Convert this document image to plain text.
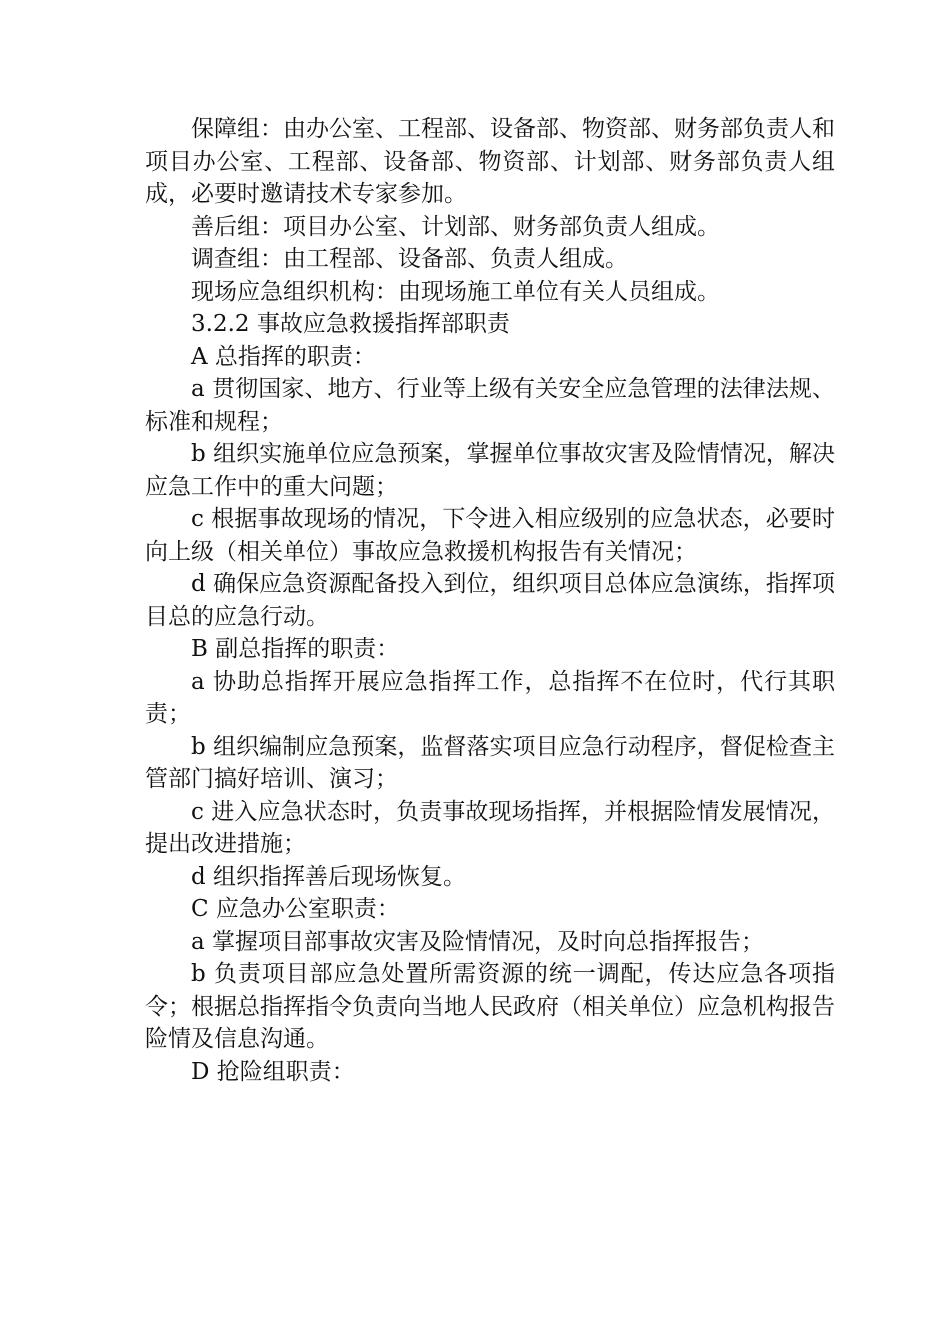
保障组：由办公室、工程部、设备部、物资部、财务部负责人和项目办公室、工程部、设备部、物资部、计划部、财务部负责人组成，必要时邀请技术专家参加。

善后组：项目办公室、计划部、财务部负责人组成。

调查组：由工程部、设备部、负责人组成。

现场应急组织机构：由现场施工单位有关人员组成。

3.2.2 事故应急救援指挥部职责

A 总指挥的职责：

a 贯彻国家、地方、行业等上级有关安全应急管理的法律法规、标准和规程；

b 组织实施单位应急预案，掌握单位事故灾害及险情情况，解决应急工作中的重大问题；

c 根据事故现场的情况，下令进入相应级别的应急状态，必要时向上级（相关单位）事故应急救援机构报告有关情况；

d 确保应急资源配备投入到位，组织项目总体应急演练，指挥项目总的应急行动。

B 副总指挥的职责：

a 协助总指挥开展应急指挥工作，总指挥不在位时，代行其职责；

b 组织编制应急预案，监督落实项目应急行动程序，督促检查主管部门搞好培训、演习；

c 进入应急状态时，负责事故现场指挥，并根据险情发展情况，提出改进措施；

d 组织指挥善后现场恢复。

C 应急办公室职责：

a 掌握项目部事故灾害及险情情况，及时向总指挥报告；

b 负责项目部应急处置所需资源的统一调配，传达应急各项指令；根据总指挥指令负责向当地人民政府（相关单位）应急机构报告险情及信息沟通。

D 抢险组职责：
